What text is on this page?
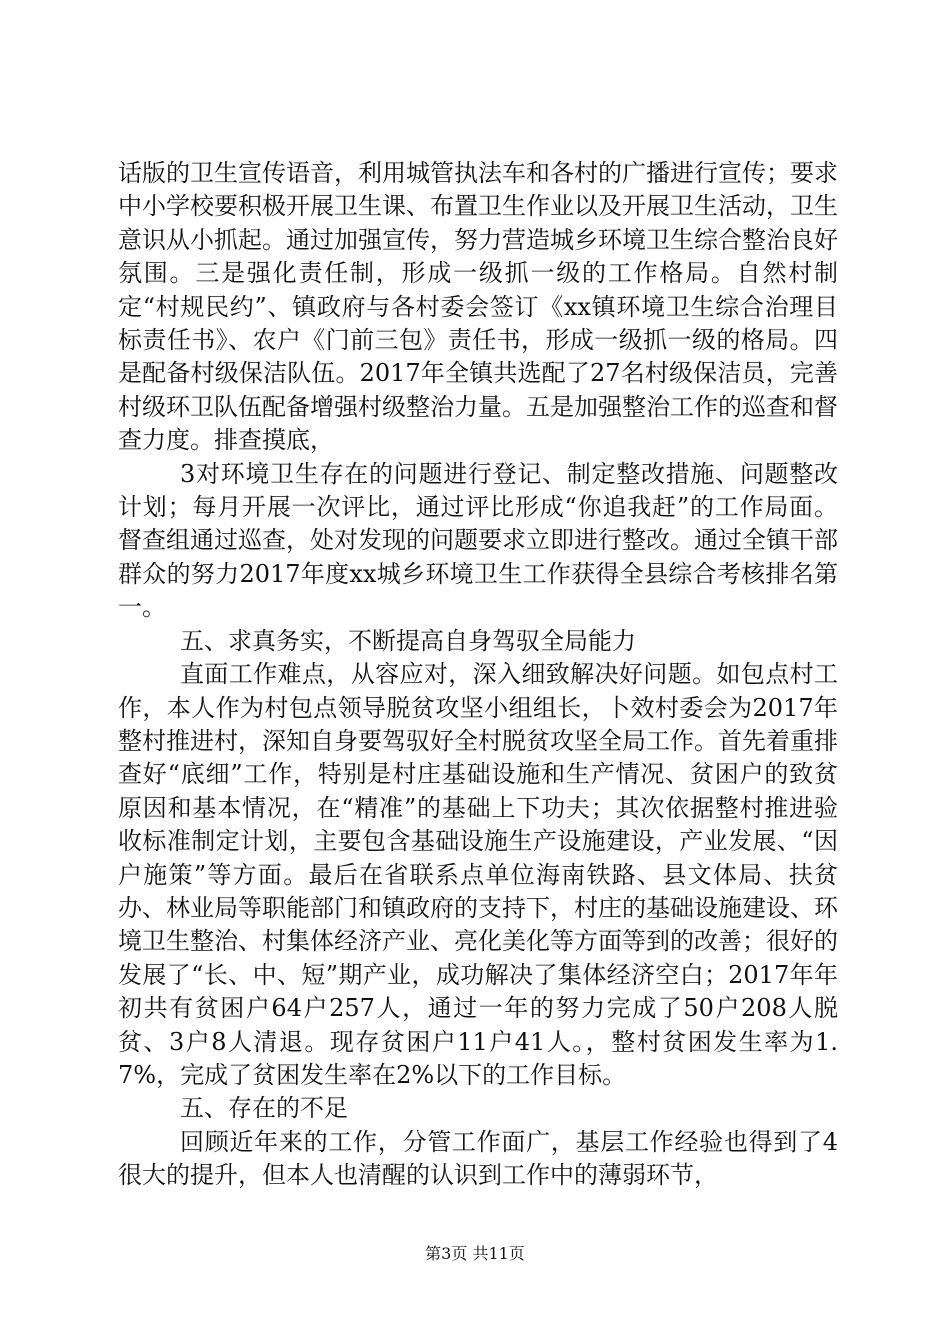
话版的卫生宣传语音，利用城管执法车和各村的广播进行宣传；要求中小学校要积极开展卫生课、布置卫生作业以及开展卫生活动，卫生意识从小抓起。通过加强宣传，努力营造城乡环境卫生综合整治良好氛围。三是强化责任制，形成一级抓一级的工作格局。自然村制定“村规民约”、镇政府与各村委会签订《xx镇环境卫生综合治理目标责任书》、农户《门前三包》责任书，形成一级抓一级的格局。四是配备村级保洁队伍。2017年全镇共选配了27名村级保洁员，完善村级环卫队伍配备增强村级整治力量。五是加强整治工作的巡查和督查力度。排查摸底，

3对环境卫生存在的问题进行登记、制定整改措施、问题整改计划；每月开展一次评比，通过评比形成“你追我赶”的工作局面。督查组通过巡查，处对发现的问题要求立即进行整改。通过全镇干部群众的努力2017年度xx城乡环境卫生工作获得全县综合考核排名第一。

五、求真务实，不断提高自身驾驭全局能力

直面工作难点，从容应对，深入细致解决好问题。如包点村工作，本人作为村包点领导脱贫攻坚小组组长，卜效村委会为2017年整村推进村，深知自身要驾驭好全村脱贫攻坚全局工作。首先着重排查好“底细”工作，特别是村庄基础设施和生产情况、贫困户的致贫原因和基本情况，在“精准”的基础上下功夫；其次依据整村推进验收标准制定计划，主要包含基础设施生产设施建设，产业发展、“因户施策”等方面。最后在省联系点单位海南铁路、县文体局、扶贫办、林业局等职能部门和镇政府的支持下，村庄的基础设施建设、环境卫生整治、村集体经济产业、亮化美化等方面等到的改善；很好的发展了“长、中、短”期产业，成功解决了集体经济空白；2017年年初共有贫困户64户257人，通过一年的努力完成了50户208人脱贫、3户8人清退。现存贫困户11户41人。，整村贫困发生率为1.7%，完成了贫困发生率在2%以下的工作目标。

五、存在的不足

回顾近年来的工作，分管工作面广，基层工作经验也得到了4很大的提升，但本人也清醒的认识到工作中的薄弱环节，

第3页 共11页
